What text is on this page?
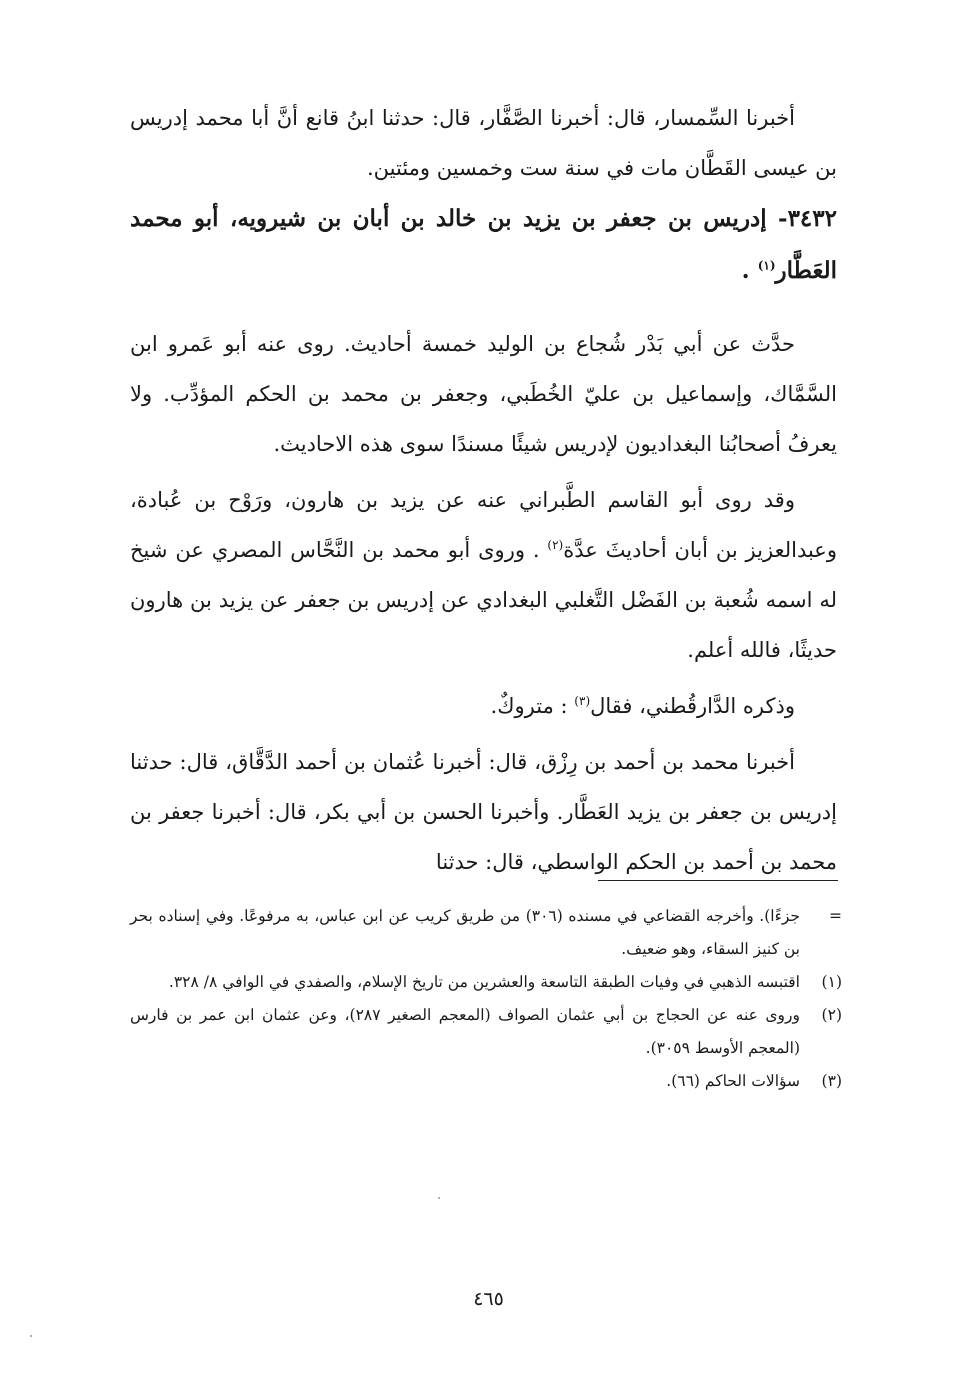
أخبرنا السِّمسار، قال: أخبرنا الصَّفَّار، قال: حدثنا ابنُ قانع أنَّ أبا محمد إدريس بن عيسى القَطَّان مات في سنة ست وخمسين ومئتين.

٣٤٣٢- إدريس بن جعفر بن يزيد بن خالد بن أبان بن شيرويه، أبو محمد العَطَّار$^{(١)}$ .

حدَّث عن أبي بَدْر شُجاع بن الوليد خمسة أحاديث. روى عنه أبو عَمرو ابن السَّمَّاك، وإسماعيل بن عليّ الخُطَبي، وجعفر بن محمد بن الحكم المؤدِّب. ولا يعرفُ أصحابُنا البغداديون لإدريس شيئًا مسندًا سوى هذه الاحاديث.

وقد روى أبو القاسم الطَّبراني عنه عن يزيد بن هارون، ورَوْح بن عُبادة، وعبدالعزيز بن أبان أحاديثَ عدَّة$^{(٢)}$ . وروى أبو محمد بن النَّحَّاس المصري عن شيخ له اسمه شُعبة بن الفَضْل التَّغلبي البغدادي عن إدريس بن جعفر عن يزيد بن هارون حديثًا، فالله أعلم.

وذكره الدَّارقُطني، فقال$^{(٣)}$ : متروكٌ.

أخبرنا محمد بن أحمد بن رِزْق، قال: أخبرنا عُثمان بن أحمد الدَّقَّاق، قال: حدثنا إدريس بن جعفر بن يزيد العَطَّار. وأخبرنا الحسن بن أبي بكر، قال: أخبرنا جعفر بن محمد بن أحمد بن الحكم الواسطي، قال: حدثنا

=
جزءًا). وأخرجه القضاعي في مسنده (٣٠٦) من طريق كريب عن ابن عباس، به مرفوعًا. وفي إسناده بحر بن كنيز السقاء، وهو ضعيف.
(١)
اقتبسه الذهبي في وفيات الطبقة التاسعة والعشرين من تاريخ الإسلام، والصفدي في الوافي ٨/ ٣٢٨.
(٢)
وروى عنه عن الحجاج بن أبي عثمان الصواف (المعجم الصغير ٢٨٧)، وعن عثمان ابن عمر بن فارس (المعجم الأوسط ٣٠٥٩).
(٣)
سؤالات الحاكم (٦٦).
٤٦٥
